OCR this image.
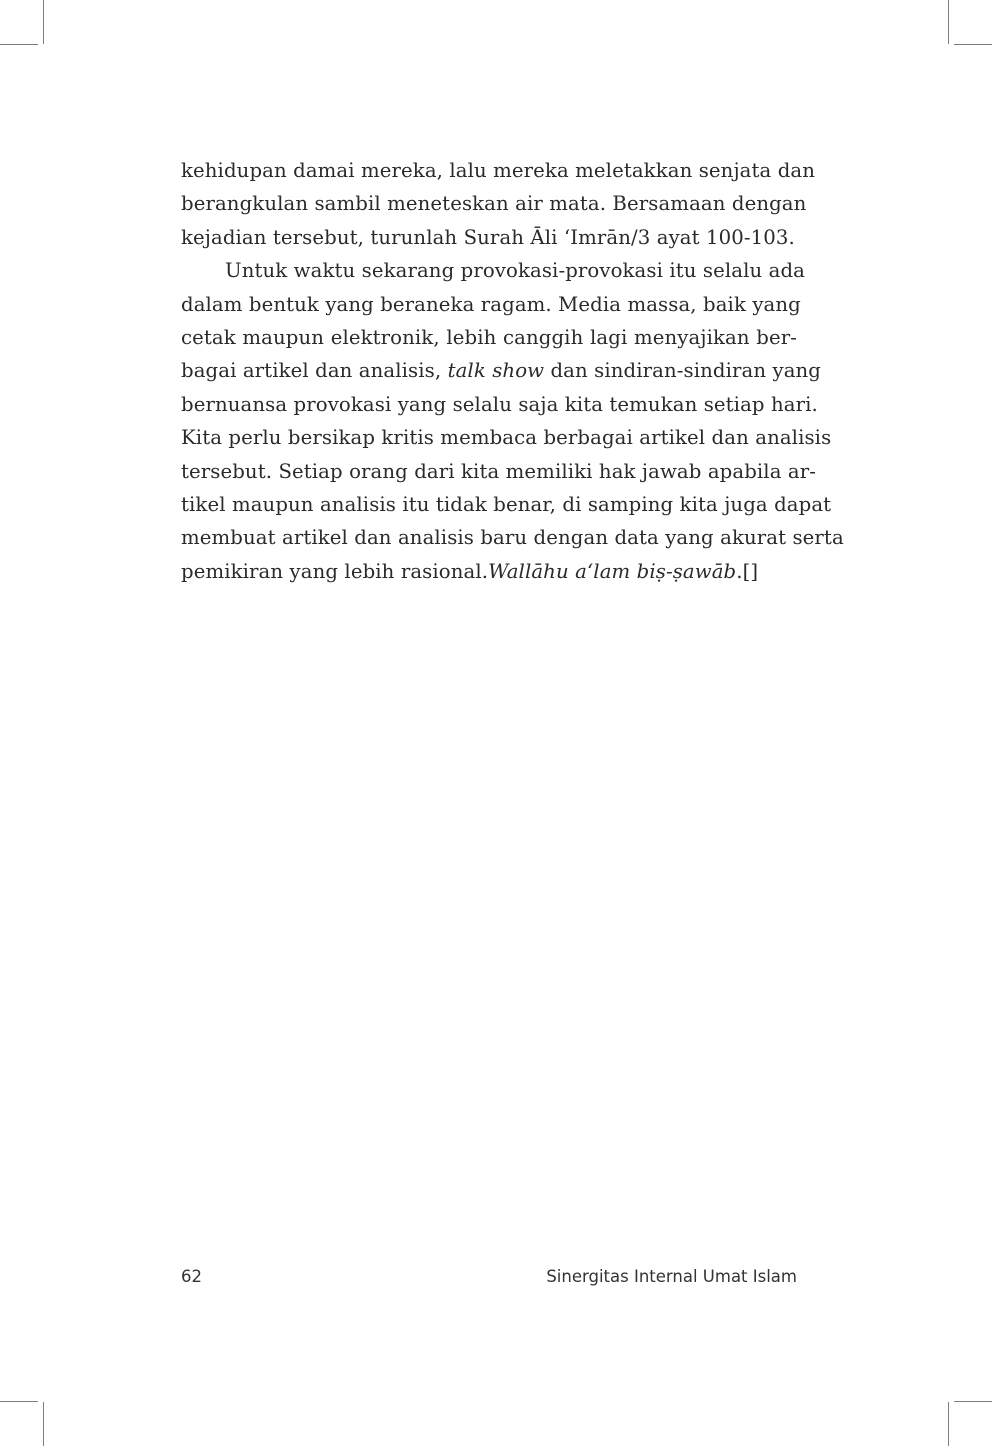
kehidupan damai mereka, lalu mereka meletakkan senjata dan
berangkulan sambil meneteskan air mata. Bersamaan dengan
kejadian tersebut, turunlah Surah Āli ‘Imrān/3 ayat 100-103.
Untuk waktu sekarang provokasi-provokasi itu selalu ada
dalam bentuk yang beraneka ragam. Media massa, baik yang
cetak maupun elektronik, lebih canggih lagi menyajikan ber-
bagai artikel dan analisis, talk show dan sindiran-sindiran yang
bernuansa provokasi yang selalu saja kita temukan setiap hari.
Kita perlu bersikap kritis membaca berbagai artikel dan analisis
tersebut. Setiap orang dari kita memiliki hak jawab apabila ar-
tikel maupun analisis itu tidak benar, di samping kita juga dapat
membuat artikel dan analisis baru dengan data yang akurat serta
pemikiran yang lebih rasional.Wallāhu a‘lam biṣ-ṣawāb.[]
62	Sinergitas Internal Umat Islam
